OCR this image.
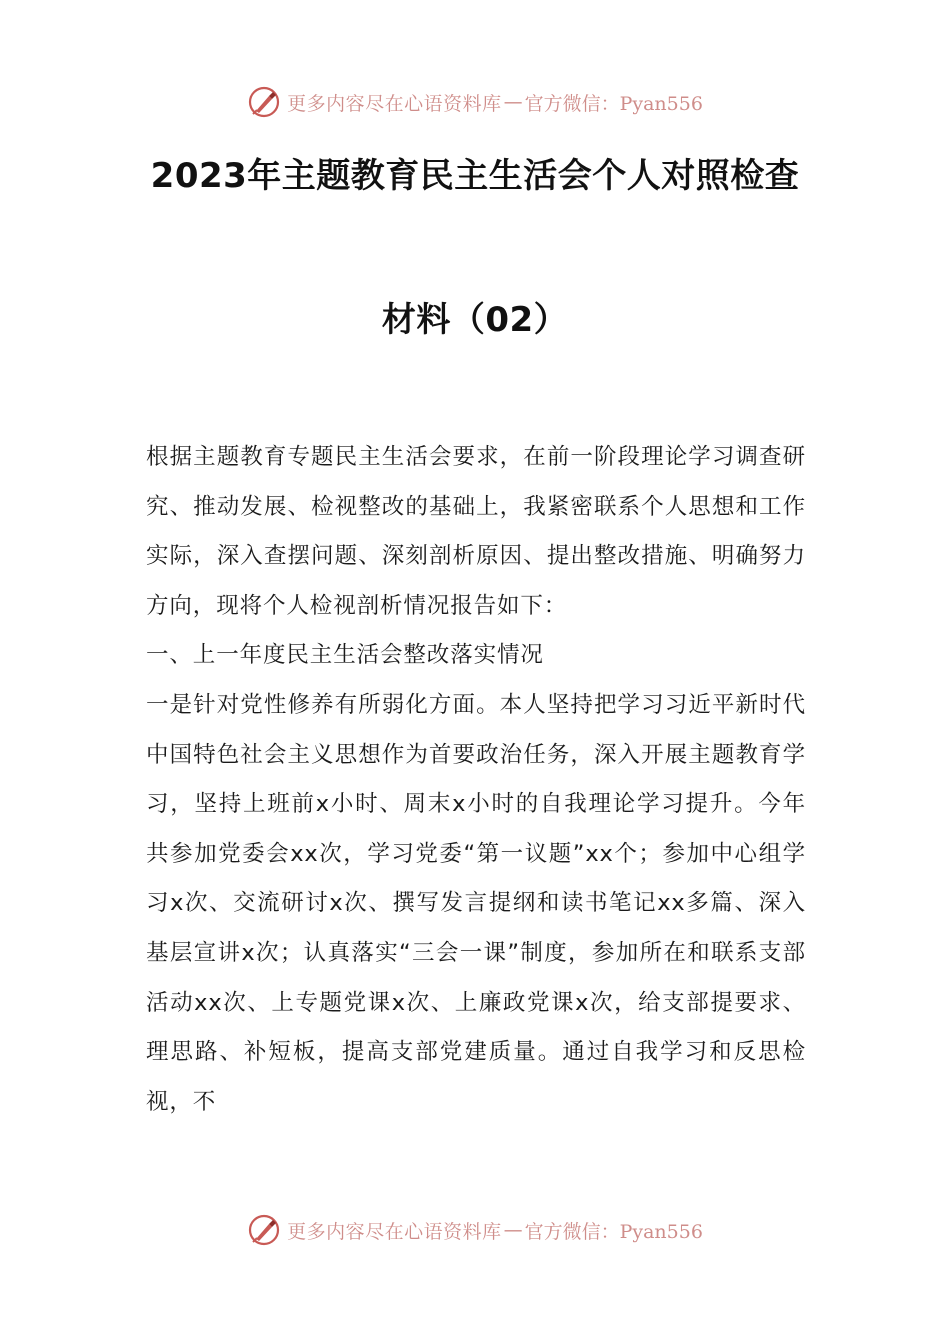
更多内容尽在心语资料库 — 官方微信：Pyan556
2023年主题教育民主生活会个人对照检查
材料（02）

根据主题教育专题民主生活会要求，在前一阶段理论学习调查研究、推动发展、检视整改的基础上，我紧密联系个人思想和工作实际，深入查摆问题、深刻剖析原因、提出整改措施、明确努力方向，现将个人检视剖析情况报告如下：

一、上一年度民主生活会整改落实情况

一是针对党性修养有所弱化方面。本人坚持把学习习近平新时代中国特色社会主义思想作为首要政治任务，深入开展主题教育学习，坚持上班前x小时、周末x小时的自我理论学习提升。今年共参加党委会xx次，学习党委“第一议题”xx个；参加中心组学习x次、交流研讨x次、撰写发言提纲和读书笔记xx多篇、深入基层宣讲x次；认真落实“三会一课”制度，参加所在和联系支部活动xx次、上专题党课x次、上廉政党课x次，给支部提要求、理思路、补短板，提高支部党建质量。通过自我学习和反思检视，不

更多内容尽在心语资料库 — 官方微信：Pyan556
